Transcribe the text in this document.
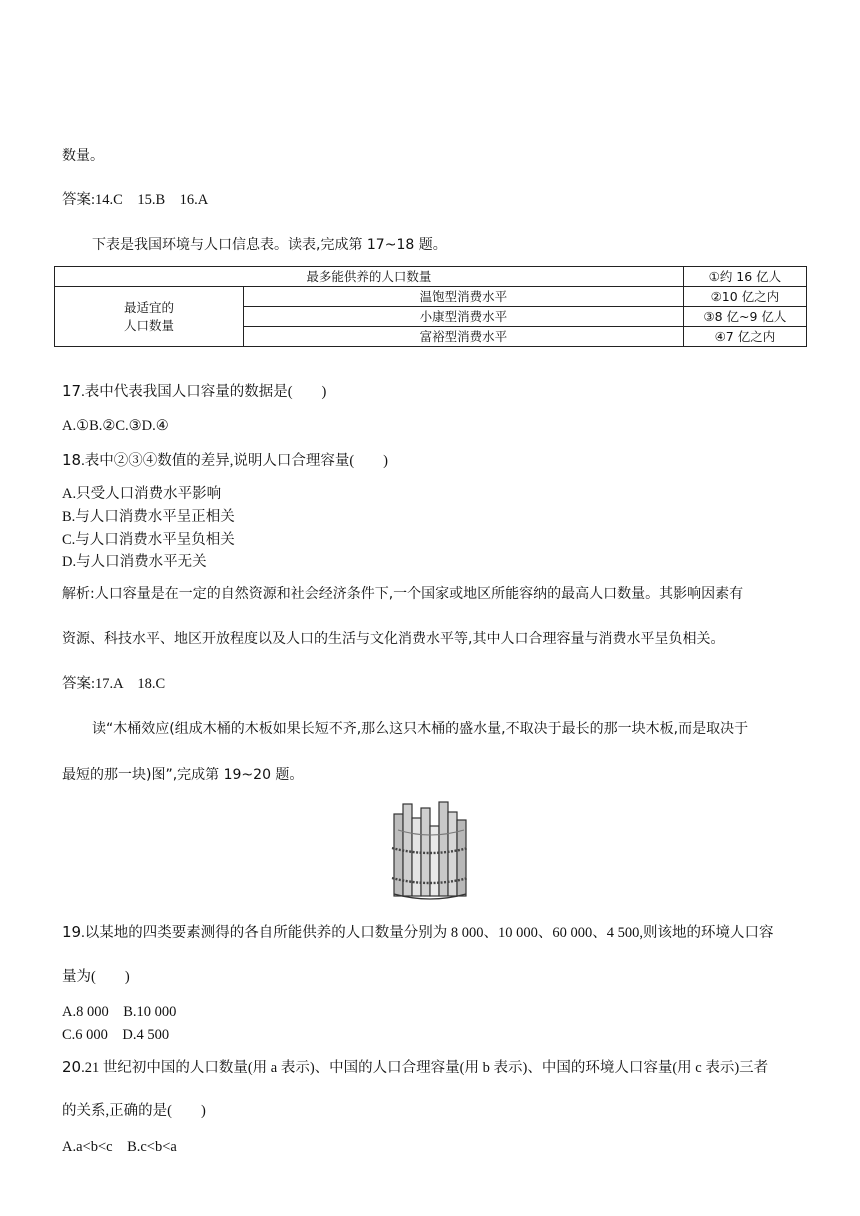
数量。
答案:14.C　15.B　16.A
下表是我国环境与人口信息表。读表,完成第 17~18 题。
最多能供养的人口数量		①约 16 亿人
最适宜的
人口数量	温饱型消费水平	②10 亿之内
	小康型消费水平	③8 亿~9 亿人
	富裕型消费水平	④7 亿之内
17.表中代表我国人口容量的数据是(　　)
A.①B.②C.③D.④
18.表中②③④数值的差异,说明人口合理容量(　　)
A.只受人口消费水平影响
B.与人口消费水平呈正相关
C.与人口消费水平呈负相关
D.与人口消费水平无关
解析:人口容量是在一定的自然资源和社会经济条件下,一个国家或地区所能容纳的最高人口数量。其影响因素有
资源、科技水平、地区开放程度以及人口的生活与文化消费水平等,其中人口合理容量与消费水平呈负相关。
答案:17.A　18.C
读“木桶效应(组成木桶的木板如果长短不齐,那么这只木桶的盛水量,不取决于最长的那一块木板,而是取决于
最短的那一块)图”,完成第 19~20 题。
19.以某地的四类要素测得的各自所能供养的人口数量分别为 8 000、10 000、60 000、4 500,则该地的环境人口容
量为(　　)
A.8 000　B.10 000
C.6 000　D.4 500
20.21 世纪初中国的人口数量(用 a 表示)、中国的人口合理容量(用 b 表示)、中国的环境人口容量(用 c 表示)三者
的关系,正确的是(　　)
A.a<b<c　B.c<b<a
